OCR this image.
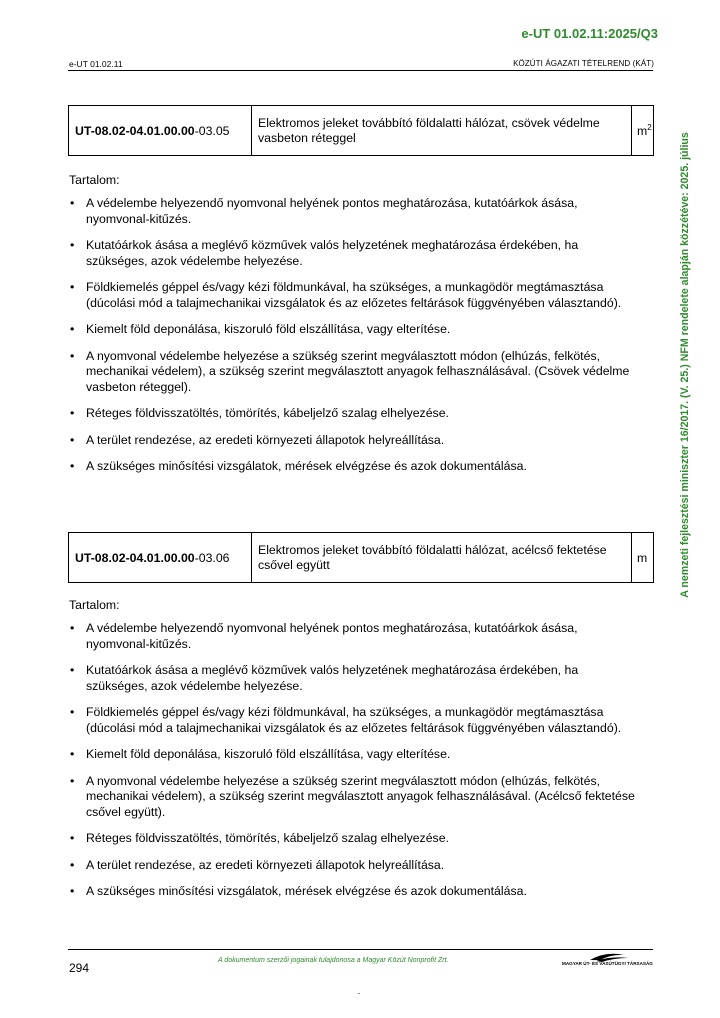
e-UT 01.02.11:2025/Q3
e-UT 01.02.11	KÖZÚTI ÁGAZATI TÉTELREND (KÁT)
A nemzeti fejlesztési miniszter 16/2017. (V. 25.) NFM rendelete alapján közzétéve: 2025. július
UT-08.02-04.01.00.00-03.05	Elektromos jeleket továbbító földalatti hálózat, csövek védelme vasbeton réteggel	$m^2$
Tartalom:
• A védelembe helyezendő nyomvonal helyének pontos meghatározása, kutatóárkok ásása, nyomvonal-kitűzés.
• Kutatóárkok ásása a meglévő közművek valós helyzetének meghatározása érdekében, ha szükséges, azok védelembe helyezése.
• Földkiemelés géppel és/vagy kézi földmunkával, ha szükséges, a munkagödör megtámasztása (dúcolási mód a talajmechanikai vizsgálatok és az előzetes feltárások függvényében választandó).
• Kiemelt föld deponálása, kiszoruló föld elszállítása, vagy elterítése.
• A nyomvonal védelembe helyezése a szükség szerint megválasztott módon (elhúzás, felkötés, mechanikai védelem), a szükség szerint megválasztott anyagok felhasználásával. (Csövek védelme vasbeton réteggel).
• Réteges földvisszatöltés, tömörítés, kábeljelző szalag elhelyezése.
• A terület rendezése, az eredeti környezeti állapotok helyreállítása.
• A szükséges minősítési vizsgálatok, mérések elvégzése és azok dokumentálása.
UT-08.02-04.01.00.00-03.06	Elektromos jeleket továbbító földalatti hálózat, acélcső fektetése csővel együtt	m
Tartalom:
• A védelembe helyezendő nyomvonal helyének pontos meghatározása, kutatóárkok ásása, nyomvonal-kitűzés.
• Kutatóárkok ásása a meglévő közművek valós helyzetének meghatározása érdekében, ha szükséges, azok védelembe helyezése.
• Földkiemelés géppel és/vagy kézi földmunkával, ha szükséges, a munkagödör megtámasztása (dúcolási mód a talajmechanikai vizsgálatok és az előzetes feltárások függvényében választandó).
• Kiemelt föld deponálása, kiszoruló föld elszállítása, vagy elterítése.
• A nyomvonal védelembe helyezése a szükség szerint megválasztott módon (elhúzás, felkötés, mechanikai védelem), a szükség szerint megválasztott anyagok felhasználásával. (Acélcső fektetése csővel együtt).
• Réteges földvisszatöltés, tömörítés, kábeljelző szalag elhelyezése.
• A terület rendezése, az eredeti környezeti állapotok helyreállítása.
• A szükséges minősítési vizsgálatok, mérések elvégzése és azok dokumentálása.
294
A dokumentum szerzői jogainak tulajdonosa a Magyar Közút Nonprofit Zrt.	MAGYAR ÚT- ÉS VASÚTÜGYI TÁRSASÁG
